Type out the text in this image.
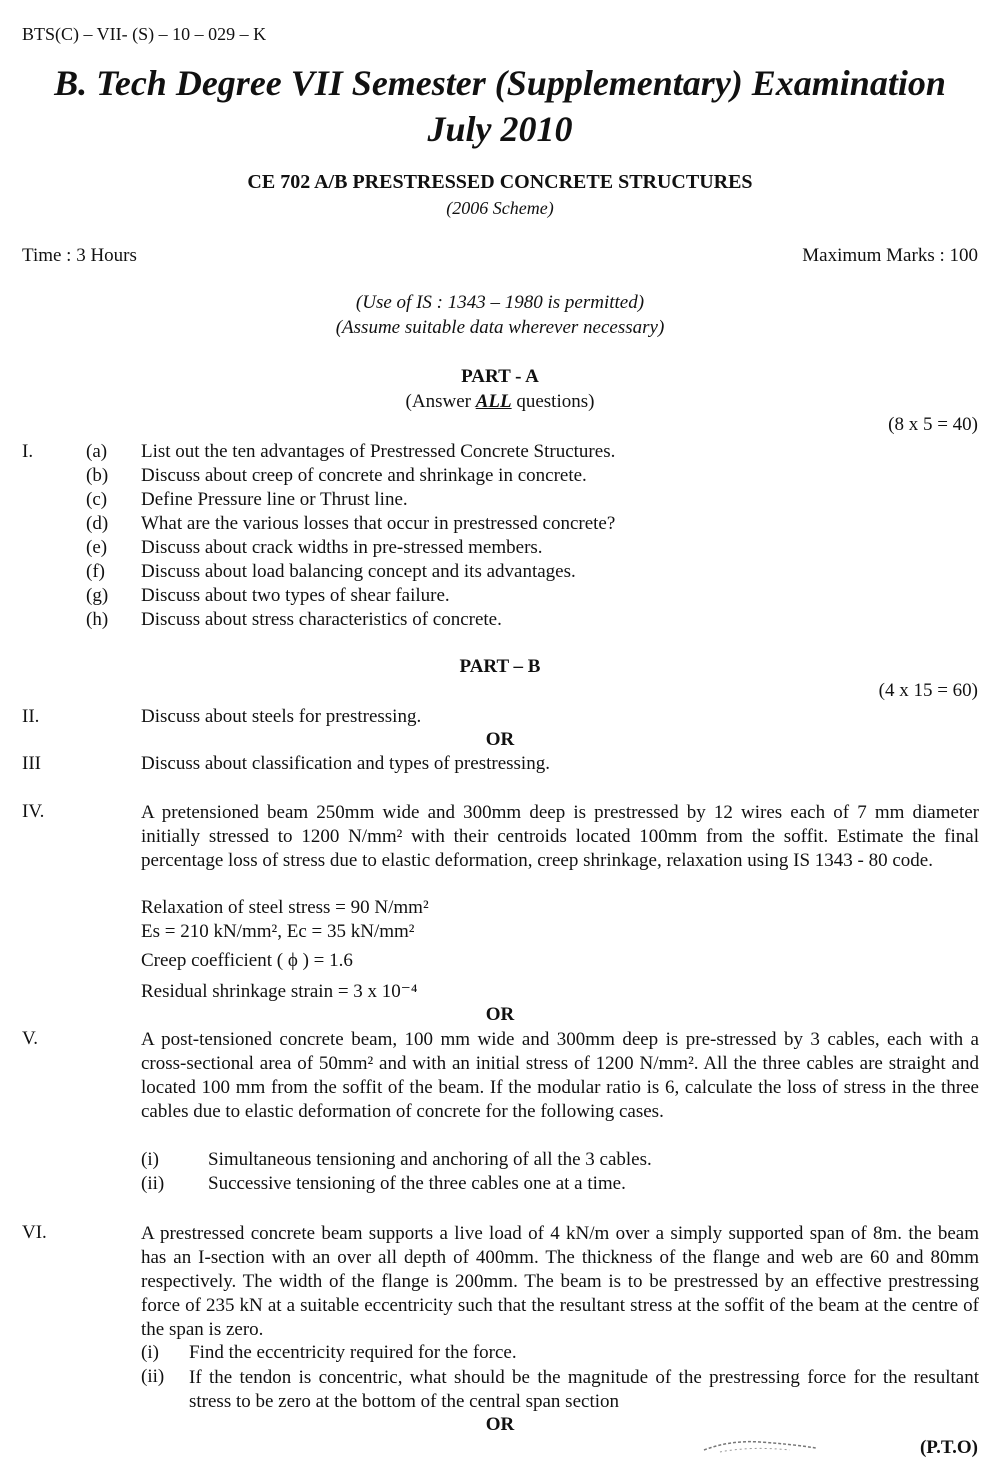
BTS(C) – VII- (S) – 10 – 029 – K
B. Tech Degree VII Semester (Supplementary) Examination
July 2010
CE 702 A/B PRESTRESSED CONCRETE STRUCTURES
(2006 Scheme)
Time : 3 Hours	Maximum Marks : 100
(Use of IS : 1343 – 1980 is permitted)
(Assume suitable data wherever necessary)
PART - A
(Answer ALL questions)
(8 x 5 = 40)
I.	(a) List out the ten advantages of Prestressed Concrete Structures.
(b) Discuss about creep of concrete and shrinkage in concrete.
(c) Define Pressure line or Thrust line.
(d) What are the various losses that occur in prestressed concrete?
(e) Discuss about crack widths in pre-stressed members.
(f) Discuss about load balancing concept and its advantages.
(g) Discuss about two types of shear failure.
(h) Discuss about stress characteristics of concrete.
PART – B
(4 x 15 = 60)
II.	Discuss about steels for prestressing.
OR
III	Discuss about classification and types of prestressing.
IV.	A pretensioned beam 250mm wide and 300mm deep is prestressed by 12 wires each of 7 mm diameter initially stressed to 1200 N/mm² with their centroids located 100mm from the soffit. Estimate the final percentage loss of stress due to elastic deformation, creep shrinkage, relaxation using IS 1343 - 80 code.

Relaxation of steel stress = 90 N/mm²
Es = 210 kN/mm², Ec = 35 kN/mm²
Creep coefficient ( ϕ ) = 1.6
Residual shrinkage strain = 3 x 10⁻⁴
OR
V.	A post-tensioned concrete beam, 100 mm wide and 300mm deep is pre-stressed by 3 cables, each with a cross-sectional area of 50mm² and with an initial stress of 1200 N/mm². All the three cables are straight and located 100 mm from the soffit of the beam. If the modular ratio is 6, calculate the loss of stress in the three cables due to elastic deformation of concrete for the following cases.

(i)	Simultaneous tensioning and anchoring of all the 3 cables.
(ii) Successive tensioning of the three cables one at a time.
VI.	A prestressed concrete beam supports a live load of 4 kN/m over a simply supported span of 8m. the beam has an I-section with an over all depth of 400mm. The thickness of the flange and web are 60 and 80mm respectively. The width of the flange is 200mm. The beam is to be prestressed by an effective prestressing force of 235 kN at a suitable eccentricity such that the resultant stress at the soffit of the beam at the centre of the span is zero.

(i) Find the eccentricity required for the force.
(ii) If the tendon is concentric, what should be the magnitude of the prestressing force for the resultant stress to be zero at the bottom of the central span section

OR
(P.T.O)
